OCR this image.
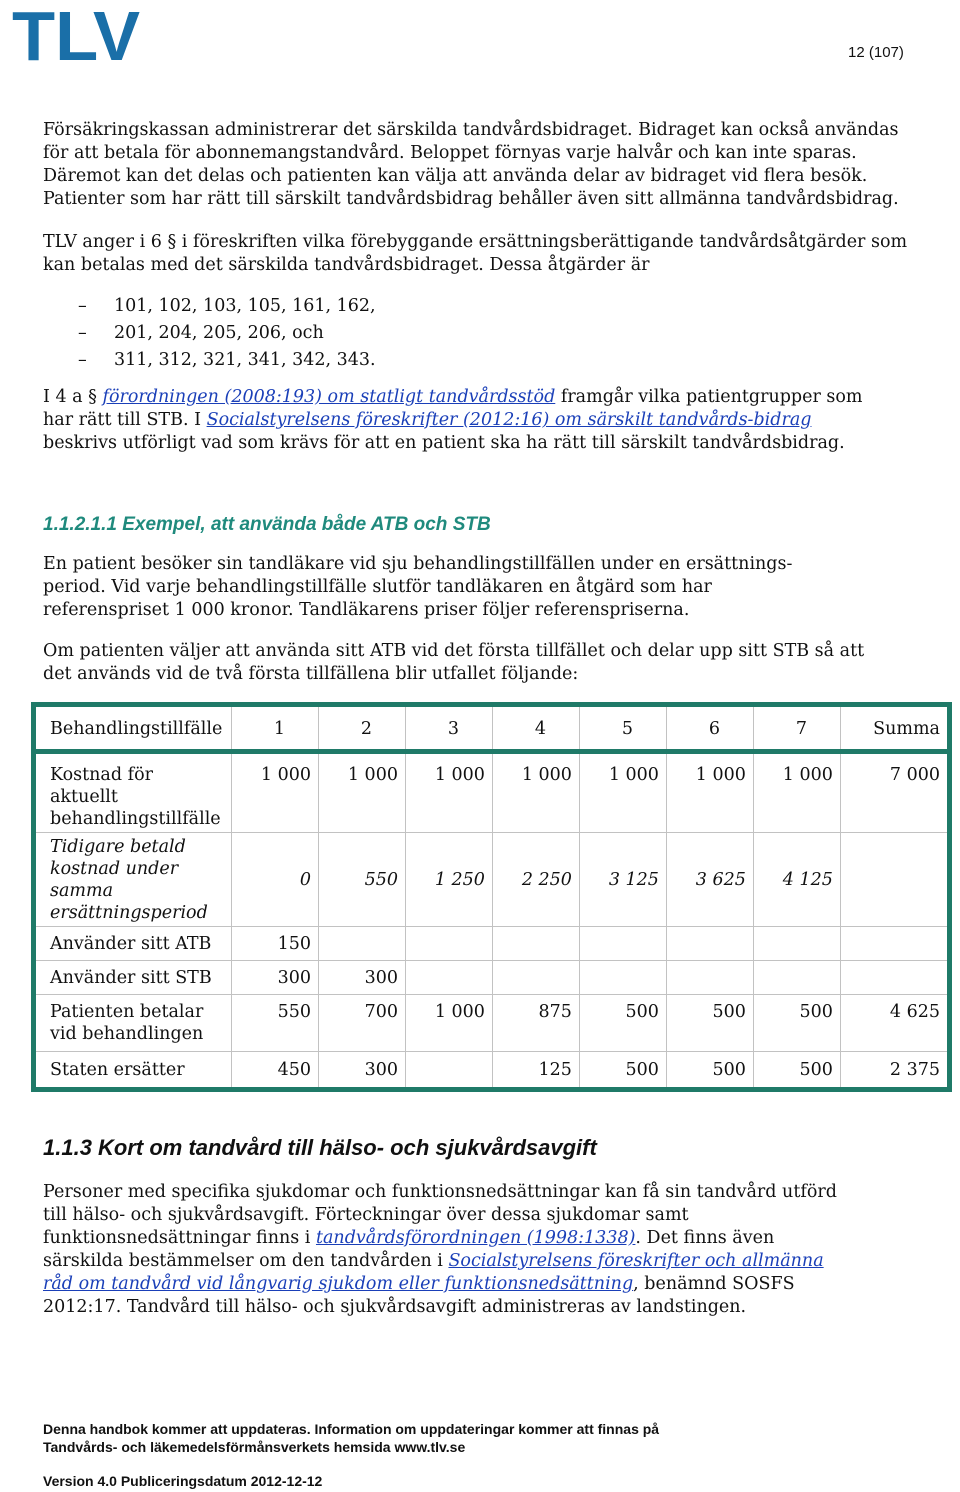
TLV	12 (107)

Försäkringskassan administrerar det särskilda tandvårdsbidraget. Bidraget kan också användas för att betala för abonnemangstandvård. Beloppet förnyas varje halvår och kan inte sparas. Däremot kan det delas och patienten kan välja att använda delar av bidraget vid flera besök. Patienter som har rätt till särskilt tandvårdsbidrag behåller även sitt allmänna tandvårdsbidrag.

TLV anger i 6 § i föreskriften vilka förebyggande ersättningsberättigande tandvårdsåtgärder som kan betalas med det särskilda tandvårdsbidraget. Dessa åtgärder är

– 101, 102, 103, 105, 161, 162,
– 201, 204, 205, 206, och
– 311, 312, 321, 341, 342, 343.

I 4 a § förordningen (2008:193) om statligt tandvårdsstöd framgår vilka patientgrupper som har rätt till STB. I Socialstyrelsens föreskrifter (2012:16) om särskilt tandvårds-bidrag beskrivs utförligt vad som krävs för att en patient ska ha rätt till särskilt tandvårdsbidrag.

1.1.2.1.1 Exempel, att använda både ATB och STB

En patient besöker sin tandläkare vid sju behandlingstillfällen under en ersättnings-period. Vid varje behandlingstillfälle slutför tandläkaren en åtgärd som har referenspriset 1 000 kronor. Tandläkarens priser följer referenspriserna.

Om patienten väljer att använda sitt ATB vid det första tillfället och delar upp sitt STB så att det används vid de två första tillfällena blir utfallet följande:

Behandlingstillfälle	1	2	3	4	5	6	7	Summa
Kostnad för aktuellt behandlingstillfälle	1 000	1 000	1 000	1 000	1 000	1 000	1 000	7 000
Tidigare betald kostnad under samma ersättningsperiod	0	550	1 250	2 250	3 125	3 625	4 125	
Använder sitt ATB	150							
Använder sitt STB	300	300						
Patienten betalar vid behandlingen	550	700	1 000	875	500	500	500	4 625
Staten ersätter	450	300		125	500	500	500	2 375
1.1.3 Kort om tandvård till hälso- och sjukvårdsavgift

Personer med specifika sjukdomar och funktionsnedsättningar kan få sin tandvård utförd till hälso- och sjukvårdsavgift. Förteckningar över dessa sjukdomar samt funktionsnedsättningar finns i tandvårdsförordningen (1998:1338). Det finns även särskilda bestämmelser om den tandvården i Socialstyrelsens föreskrifter och allmänna råd om tandvård vid långvarig sjukdom eller funktionsnedsättning, benämnd SOSFS 2012:17. Tandvård till hälso- och sjukvårdsavgift administreras av landstingen.

Denna handbok kommer att uppdateras. Information om uppdateringar kommer att finnas på
Tandvårds- och läkemedelsförmånsverkets hemsida www.tlv.se
Version 4.0 Publiceringsdatum 2012-12-12
